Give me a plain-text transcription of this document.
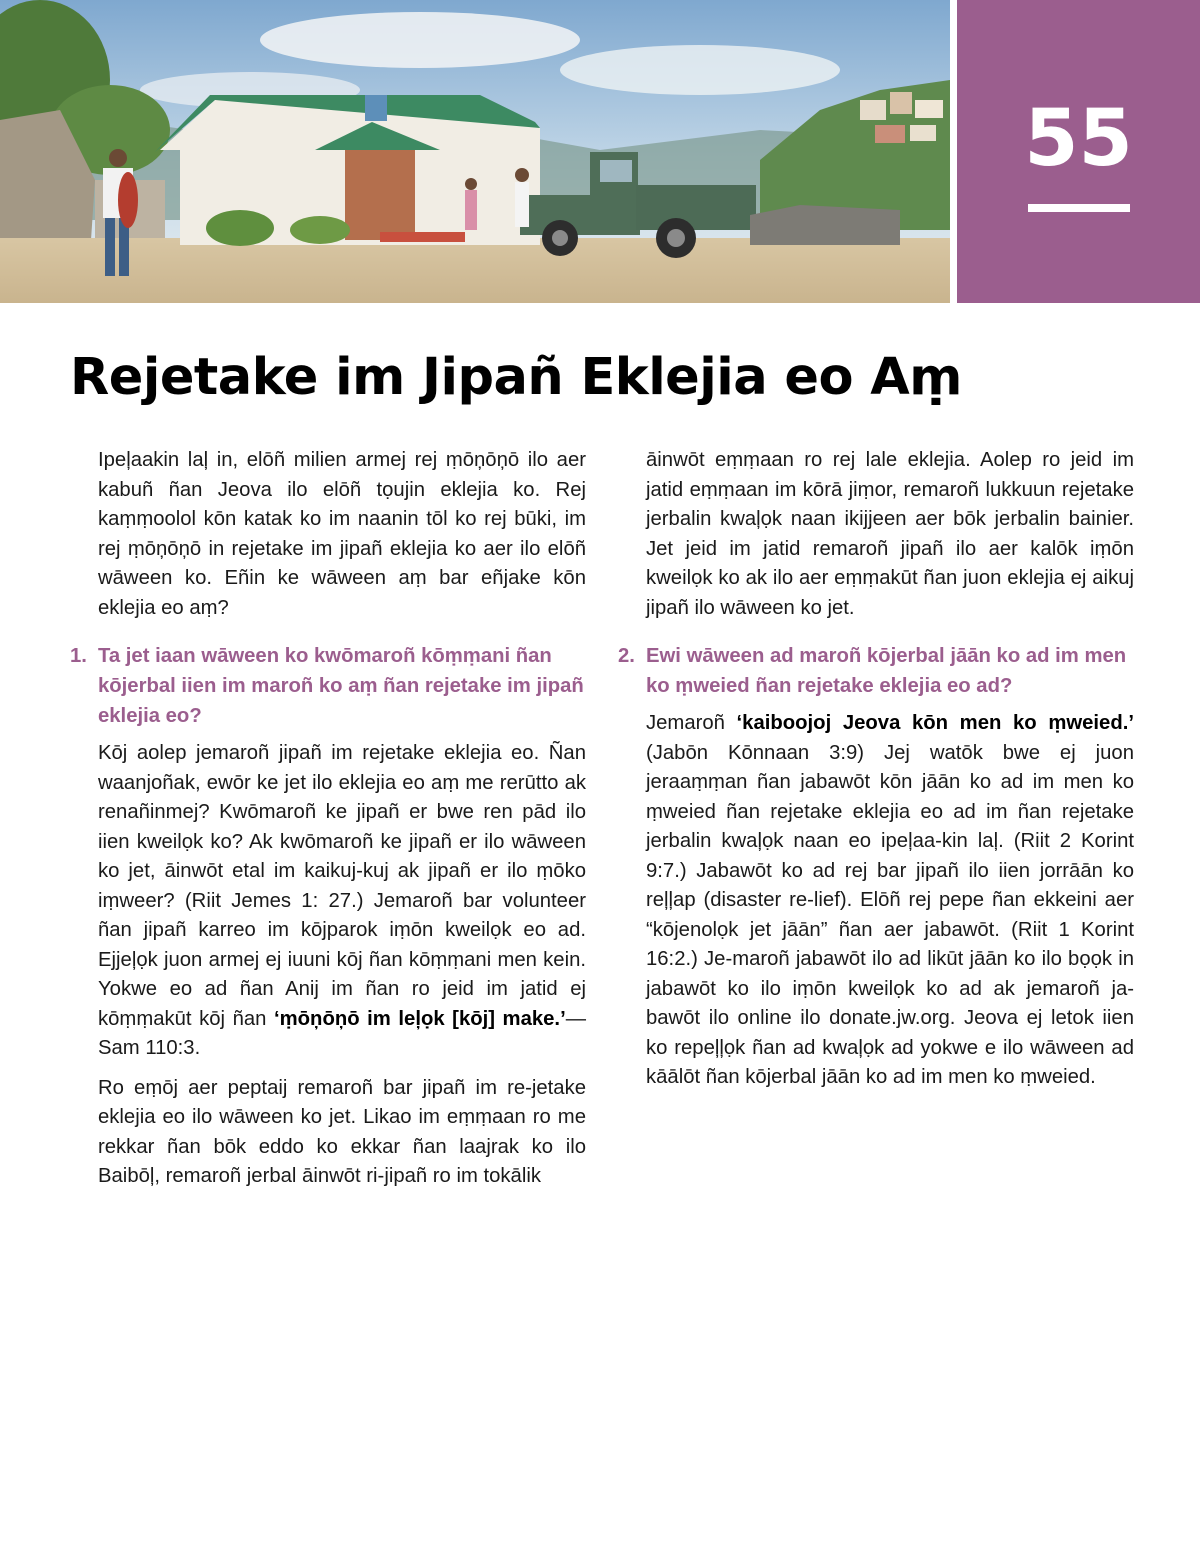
55
Rejetake im Jipañ Eklejia eo Aṃ

Ipeļaakin laļ in, elōñ milien armej rej ṃōņōņō ilo aer kabuñ ñan Jeova ilo elōñ tọujin eklejia ko. Rej kaṃṃoolol kōn katak ko im naanin tōl ko rej būki, im rej ṃōņōņō in rejetake im jipañ eklejia ko aer ilo elōñ wāween ko. Eñin ke wāween aṃ bar eñjake kōn eklejia eo aṃ?

1. Ta jet iaan wāween ko kwōmaroñ kōṃṃani ñan kōjerbal iien im maroñ ko aṃ ñan rejetake im jipañ eklejia eo?

Kōj aolep jemaroñ jipañ im rejetake eklejia eo. Ñan waanjoñak, ewōr ke jet ilo eklejia eo aṃ me rerūtto ak renañinmej? Kwōmaroñ ke jipañ er bwe ren pād ilo iien kweilọk ko? Ak kwōmaroñ ke jipañ er ilo wāween ko jet, āinwōt etal im kaikuj-kuj ak jipañ er ilo ṃōko iṃweer? (Riit Jemes 1: 27.) Jemaroñ bar volunteer ñan jipañ karreo im kōjparok iṃōn kweilọk eo ad. Ejjeļọk juon armej ej iuuni kōj ñan kōṃṃani men kein. Yokwe eo ad ñan Anij im ñan ro jeid im jatid ej kōṃṃakūt kōj ñan ‘ṃōņōņō im leļọk [kōj] make.’—Sam 110:3.

Ro eṃōj aer peptaij remaroñ bar jipañ im re-jetake eklejia eo ilo wāween ko jet. Likao im eṃṃaan ro me rekkar ñan bōk eddo ko ekkar ñan laajrak ko ilo Baibōļ, remaroñ jerbal āinwōt ri-jipañ ro im tokālik

āinwōt eṃṃaan ro rej lale eklejia. Aolep ro jeid im jatid eṃṃaan im kōrā jiṃor, remaroñ lukkuun rejetake jerbalin kwaļọk naan ikijjeen aer bōk jerbalin bainier. Jet jeid im jatid remaroñ jipañ ilo aer kalōk iṃōn kweilọk ko ak ilo aer eṃṃakūt ñan juon eklejia ej aikuj jipañ ilo wāween ko jet.

2. Ewi wāween ad maroñ kōjerbal jāān ko ad im men ko ṃweied ñan rejetake eklejia eo ad?

Jemaroñ ‘kaiboojoj Jeova kōn men ko ṃweied.’ (Jabōn Kōnnaan 3:9) Jej watōk bwe ej juon jeraaṃṃan ñan jabawōt kōn jāān ko ad im men ko ṃweied ñan rejetake eklejia eo ad im ñan rejetake jerbalin kwaļọk naan eo ipeļaa-kin laļ. (Riit 2 Korint 9:7.) Jabawōt ko ad rej bar jipañ ilo iien jorrāān ko reļļap (disaster re-lief). Elōñ rej pepe ñan ekkeini aer “kōjenolọk jet jāān” ñan aer jabawōt. (Riit 1 Korint 16:2.) Je-maroñ jabawōt ilo ad likūt jāān ko ilo bọọk in jabawōt ko ilo iṃōn kweilọk ko ad ak jemaroñ ja-bawōt ilo online ilo donate.jw.org. Jeova ej letok iien ko repeļļọk ñan ad kwaļọk ad yokwe e ilo wāween ad kāālōt ñan kōjerbal jāān ko ad im men ko ṃweied.
